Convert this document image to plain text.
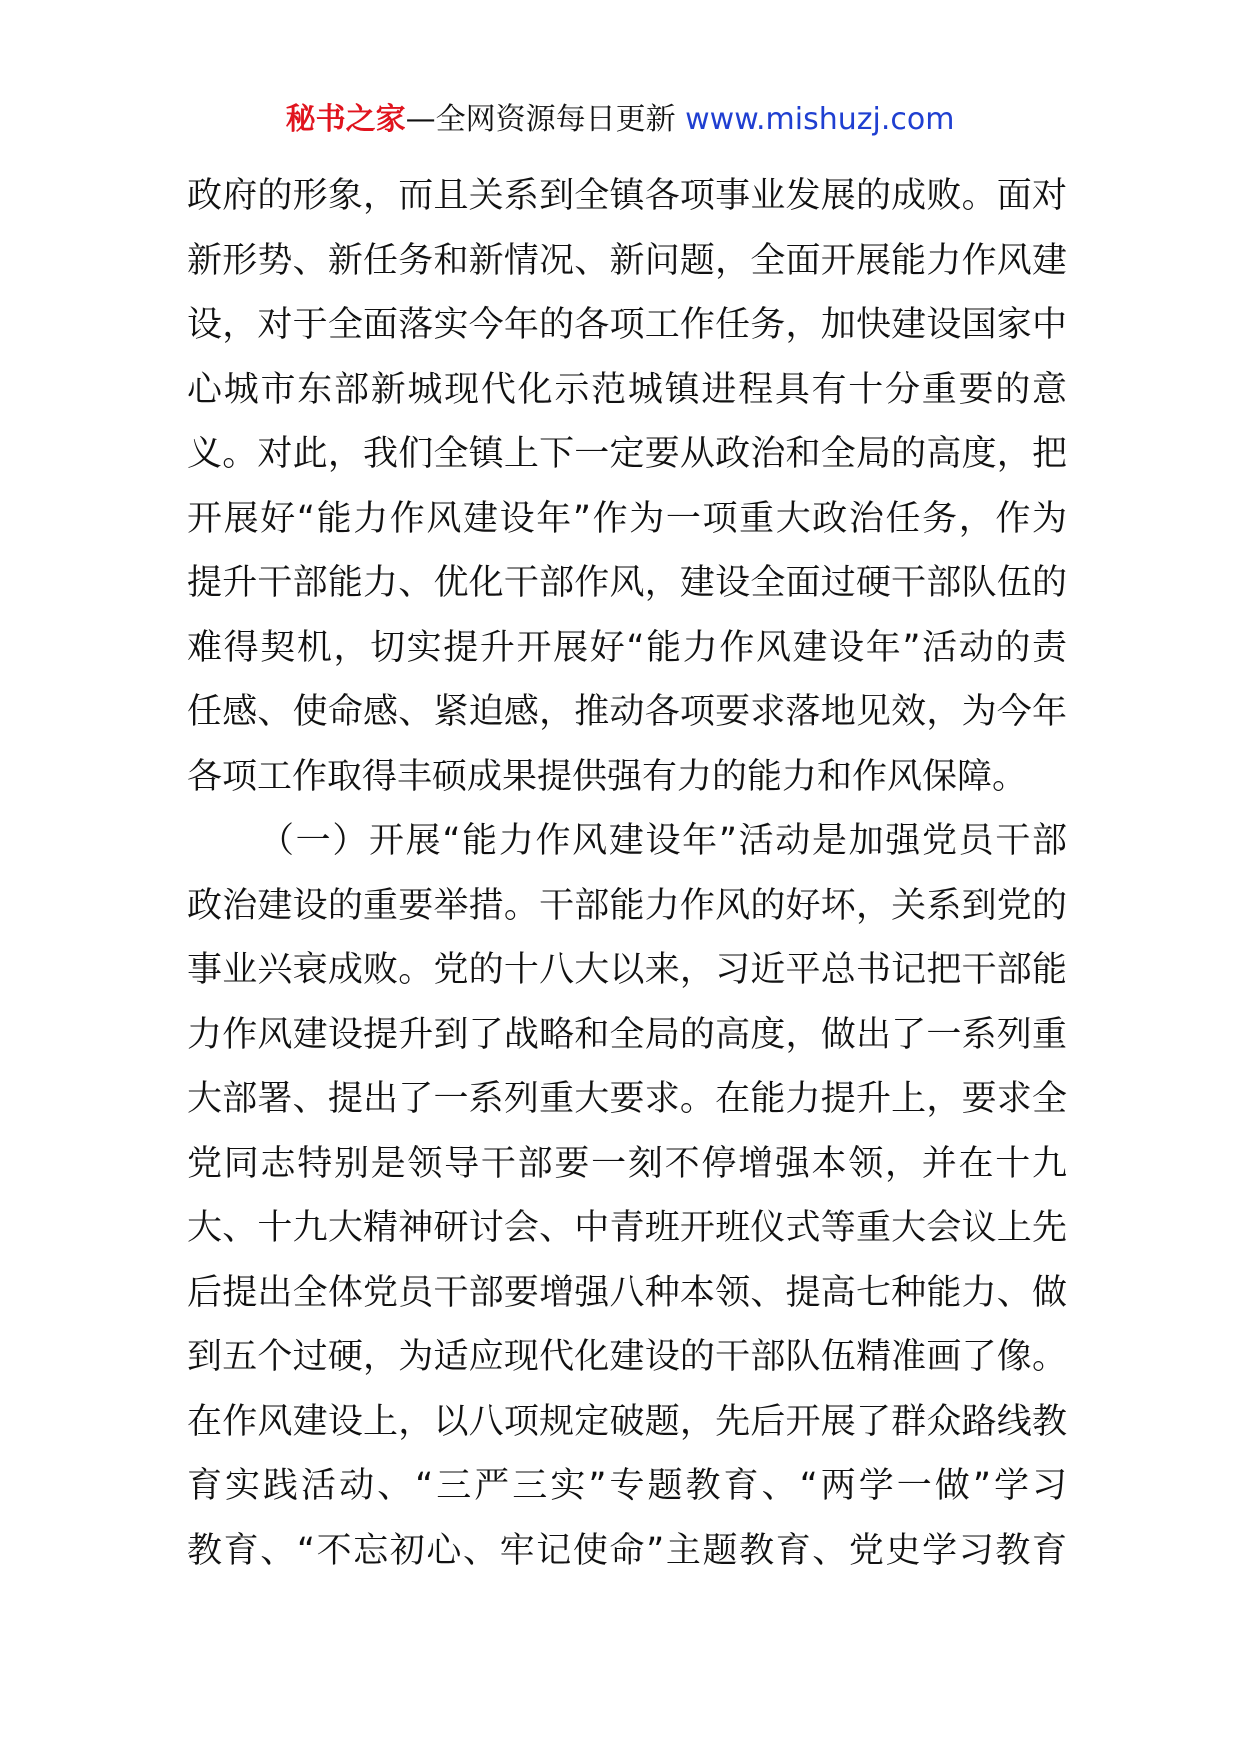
秘书之家—全网资源每日更新 www.mishuzj.com
政府的形象，而且关系到全镇各项事业发展的成败。面对
新形势、新任务和新情况、新问题，全面开展能力作风建
设，对于全面落实今年的各项工作任务，加快建设国家中
心城市东部新城现代化示范城镇进程具有十分重要的意
义。对此，我们全镇上下一定要从政治和全局的高度，把
开展好“能力作风建设年”作为一项重大政治任务，作为
提升干部能力、优化干部作风，建设全面过硬干部队伍的
难得契机，切实提升开展好“能力作风建设年”活动的责
任感、使命感、紧迫感，推动各项要求落地见效，为今年
各项工作取得丰硕成果提供强有力的能力和作风保障。
（一）开展“能力作风建设年”活动是加强党员干部
政治建设的重要举措。干部能力作风的好坏，关系到党的
事业兴衰成败。党的十八大以来，习近平总书记把干部能
力作风建设提升到了战略和全局的高度，做出了一系列重
大部署、提出了一系列重大要求。在能力提升上，要求全
党同志特别是领导干部要一刻不停增强本领，并在十九
大、十九大精神研讨会、中青班开班仪式等重大会议上先
后提出全体党员干部要增强八种本领、提高七种能力、做
到五个过硬，为适应现代化建设的干部队伍精准画了像。
在作风建设上，以八项规定破题，先后开展了群众路线教
育实践活动、“三严三实”专题教育、“两学一做”学习
教育、“不忘初心、牢记使命”主题教育、党史学习教育
